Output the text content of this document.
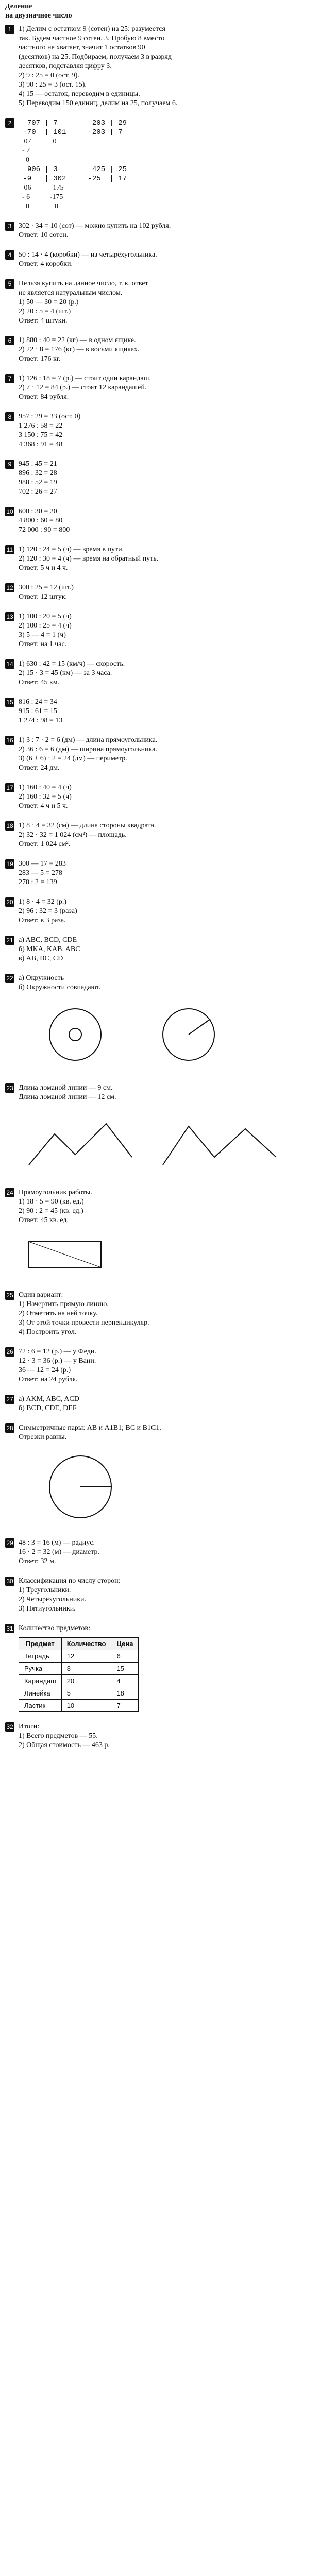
Деление
на двузначное число
1 1) Делим с остатком 9 (сотен) на 25: разумеется
так. Будем частное 9 сотен. 3. Пробую 8 вместо
частного не хватает, значит 1 остатков 90
(десятков) на 25. Подбираем, получаем 3 в разряд
десятков, подставляя цифру 3.
2) 9 : 25 = 0 (ост. 9).
3) 90 : 25 = 3 (ост. 15).
4) 15 — остаток, переводим в единицы.
5) Переводим 150 единиц, делим на 25, получаем 6.
2 707 | 7        203 | 29
-70  | 101     -203 | 7
07            0
- 7
0
906 | 3        425 | 25
-9   | 302     -25  | 17
06            175
- 6           -175
0              0
3 302 · 34 = 10 (сот) — можно купить на 102 рубля.
Ответ: 10 сотен.
4 50 : 14 · 4 (коробки) — из четырёхугольника.
Ответ: 4 коробки.
5 Нельзя купить на данное число, т. к. ответ
не является натуральным числом.
1) 50 — 30 = 20 (р.)
2) 20 : 5 = 4 (шт.)
Ответ: 4 штуки.
6 1) 880 : 40 = 22 (кг) — в одном ящике.
2) 22 · 8 = 176 (кг) — в восьми ящиках.
Ответ: 176 кг.
7 1) 126 : 18 = 7 (р.) — стоит один карандаш.
2) 7 · 12 = 84 (р.) — стоят 12 карандашей.
Ответ: 84 рубля.
8 957 : 29 = 33 (ост. 0)
1 276 : 58 = 22
3 150 : 75 = 42
4 368 : 91 = 48
9 945 : 45 = 21
896 : 32 = 28
988 : 52 = 19
702 : 26 = 27
10 600 : 30 = 20
4 800 : 60 = 80
72 000 : 90 = 800
11 1) 120 : 24 = 5 (ч) — время в пути.
2) 120 : 30 = 4 (ч) — время на обратный путь.
Ответ: 5 ч и 4 ч.
12 300 : 25 = 12 (шт.)
Ответ: 12 штук.
13 1) 100 : 20 = 5 (ч)
2) 100 : 25 = 4 (ч)
3) 5 — 4 = 1 (ч)
Ответ: на 1 час.
14 1) 630 : 42 = 15 (км/ч) — скорость.
2) 15 · 3 = 45 (км) — за 3 часа.
Ответ: 45 км.
15 816 : 24 = 34
915 : 61 = 15
1 274 : 98 = 13
16 1) 3 : 7 · 2 = 6 (дм) — длина прямоугольника.
2) 36 : 6 = 6 (дм) — ширина прямоугольника.
3) (6 + 6) · 2 = 24 (дм) — периметр.
Ответ: 24 дм.
17 1) 160 : 40 = 4 (ч)
2) 160 : 32 = 5 (ч)
Ответ: 4 ч и 5 ч.
18 1) 8 · 4 = 32 (см) — длина стороны квадрата.
2) 32 · 32 = 1 024 (см²) — площадь.
Ответ: 1 024 см².
19 300 — 17 = 283
283 — 5 = 278
278 : 2 = 139
20 1) 8 · 4 = 32 (р.)
2) 96 : 32 = 3 (раза)
Ответ: в 3 раза.
21 a) ABC, BCD, CDE
б) MKA, KAB, ABC
в) AB, BC, CD
22 а) Окружность
б) Окружности совпадают.
23 Длина ломаной линии — 9 см.
Длина ломаной линии — 12 см.
24 Прямоугольник работы.
1) 18 · 5 = 90 (кв. ед.)
2) 90 : 2 = 45 (кв. ед.)
Ответ: 45 кв. ед.
25 Один вариант:
1) Начертить прямую линию.
2) Отметить на ней точку.
3) От этой точки провести перпендикуляр.
4) Построить угол.
26 72 : 6 = 12 (р.) — у Феди.
12 · 3 = 36 (р.) — у Вани.
36 — 12 = 24 (р.)
Ответ: на 24 рубля.
27 а) AKM, ABC, ACD
б) BCD, CDE, DEF
28 Симметричные пары: AB и A1B1; BC и B1C1.
Отрезки равны.
29 48 : 3 = 16 (м) — радиус.
16 · 2 = 32 (м) — диаметр.
Ответ: 32 м.
30 Классификация по числу сторон:
1) Треугольники.
2) Четырёхугольники.
3) Пятиугольники.
31 Количество предметов:
Предмет	Количество	Цена
Тетрадь	12	6
Ручка	8	15
Карандаш	20	4
Линейка	5	18
Ластик	10	7
32 Итоги:
1) Всего предметов — 55.
2) Общая стоимость — 463 р.
